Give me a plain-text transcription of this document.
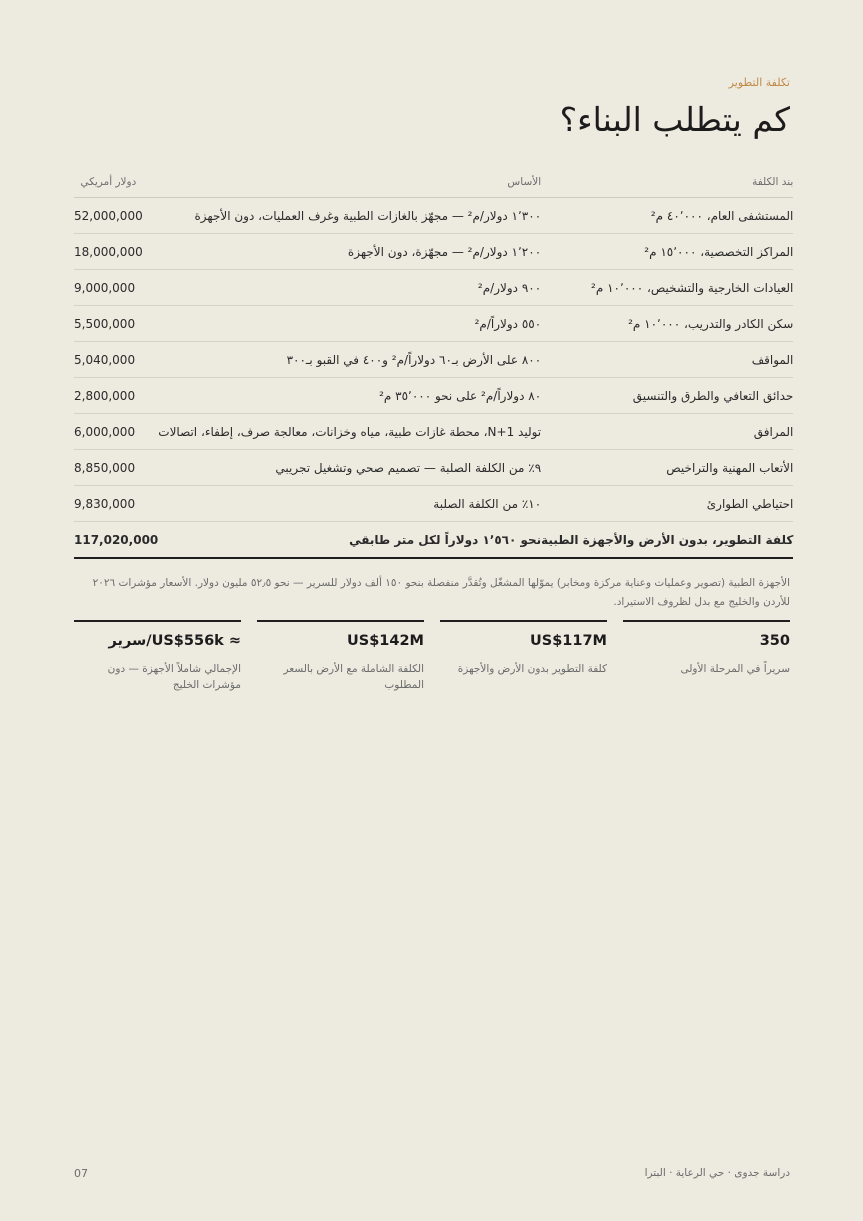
تكلفة التطوير
كم يتطلب البناء؟
بند الكلفة	الأساس	دولار أمريكي
المستشفى العام، ٤٠٬٠٠٠ م²	١٬٣٠٠ دولار/م² — مجهّز بالغازات الطبية وغرف العمليات، دون الأجهزة	52,000,000
المراكز التخصصية، ١٥٬٠٠٠ م²	١٬٢٠٠ دولار/م² — مجهّزة، دون الأجهزة	18,000,000
العيادات الخارجية والتشخيص، ١٠٬٠٠٠ م²	٩٠٠ دولار/م²	9,000,000
سكن الكادر والتدريب، ١٠٬٠٠٠ م²	٥٥٠ دولاراً/م²	5,500,000
المواقف	٨٠٠ على الأرض بـ٦٠ دولاراً/م² و٤٠٠ في القبو بـ٣٠٠	5,040,000
حدائق التعافي والطرق والتنسيق	٨٠ دولاراً/م² على نحو ٣٥٬٠٠٠ م²	2,800,000
المرافق	توليد N+1، محطة غازات طبية، مياه وخزانات، معالجة صرف، إطفاء، اتصالات	6,000,000
الأتعاب المهنية والتراخيص	٩٪ من الكلفة الصلبة — تصميم صحي وتشغيل تجريبي	8,850,000
احتياطي الطوارئ	١٠٪ من الكلفة الصلبة	9,830,000
كلفة التطوير، بدون الأرض والأجهزة الطبية	نحو ١٬٥٦٠ دولاراً لكل متر طابقي	117,020,000
الأجهزة الطبية (تصوير وعمليات وعناية مركزة ومخابر) يموّلها المشغّل وتُقدَّر منفصلة بنحو ١٥٠ ألف دولار للسرير — نحو ٥٢٫٥ مليون دولار. الأسعار مؤشرات ٢٠٢٦ للأردن والخليج مع بدل لظروف الاستيراد.
350
سريراً في المرحلة الأولى
US$117M
كلفة التطوير بدون الأرض والأجهزة
US$142M
الكلفة الشاملة مع الأرض بالسعر المطلوب
≈ US$556k/سرير
الإجمالي شاملاً الأجهزة — دون مؤشرات الخليج
07	دراسة جدوى · حي الرعاية · البترا
